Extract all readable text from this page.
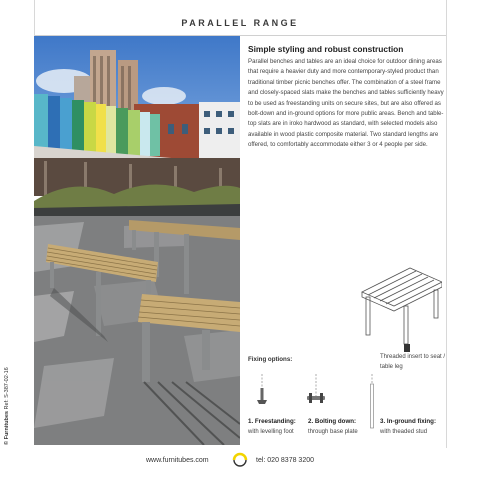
PARALLEL RANGE
© Furnitubes Ref: S-387-02-16
Simple styling and robust construction

Parallel benches and tables are an ideal choice for outdoor dining areas that require a heavier duty and more contemporary-styled product than traditional timber picnic benches offer. The combination of a steel frame and closely-spaced slats make the benches and tables sufficiently heavy to be used as freestanding units on secure sites, but are also offered as bolt-down and in-ground options for more public areas. Bench and table-top slats are in iroko hardwood as standard, with selected models also available in wood plastic composite material. Two standard lengths are offered, to comfortably accommodate either 3 or 4 people per side.

Fixing options:	Threaded insert to seat / table leg
1. Freestanding:
with levelling foot
2. Bolting down:
through base plate
3. In-ground fixing:
with theaded stud
www.furnitubes.com	tel: 020 8378 3200
